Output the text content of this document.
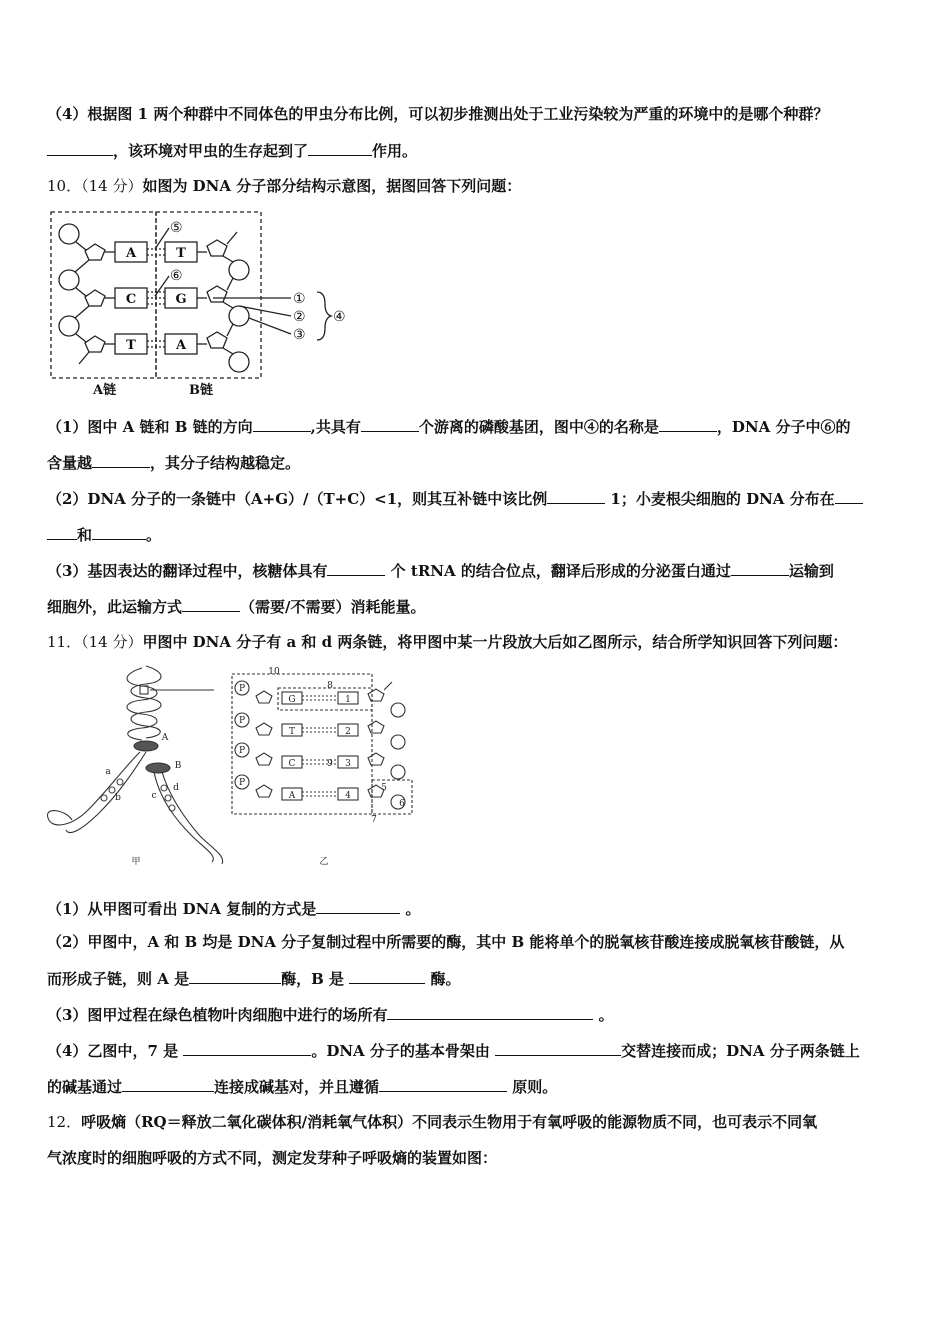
（4）根据图 1 两个种群中不同体色的甲虫分布比例，可以初步推测出处于工业污染较为严重的环境中的是哪个种群？
，该环境对甲虫的生存起到了	作用。
10．（14 分）如图为 DNA 分子部分结构示意图，据图回答下列问题：
A
C
T
T
G
A
⑤
⑥
①
②
③
④
A链	B链
（1）图中 A 链和 B 链的方向	,共具有	个游离的磷酸基团，图中④的名称是	，DNA 分子中⑥的
含量越	，其分子结构越稳定。
（2）DNA 分子的一条链中（A+G）/（T+C）<1，则其互补链中该比例	1；小麦根尖细胞的 DNA 分布在
和	。
（3）基因表达的翻译过程中，核糖体具有	个 tRNA 的结合位点，翻译后形成的分泌蛋白通过	运输到
细胞外，此运输方式	（需要/不需要）消耗能量。
11．（14 分）甲图中 DNA 分子有 a 和 d 两条链，将甲图中某一片段放大后如乙图所示，结合所学知识回答下列问题：
A
B
a
b	c
d
G
T
C
A
1
2
3
4
P
P
P
P
10
8
9
5
6
7
甲	乙
（1）从甲图可看出 DNA 复制的方式是	。
（2）甲图中，A 和 B 均是 DNA 分子复制过程中所需要的酶，其中 B 能将单个的脱氧核苷酸连接成脱氧核苷酸链，从
而形成子链，则 A 是	酶，B 是	酶。
（3）图甲过程在绿色植物叶肉细胞中进行的场所有	。
（4）乙图中，7 是	。DNA 分子的基本骨架由	交替连接而成；DNA 分子两条链上
的碱基通过	连接成碱基对，并且遵循	原则。
12．呼吸熵（RQ＝释放二氧化碳体积/消耗氧气体积）不同表示生物用于有氧呼吸的能源物质不同，也可表示不同氧
气浓度时的细胞呼吸的方式不同，测定发芽种子呼吸熵的装置如图：
